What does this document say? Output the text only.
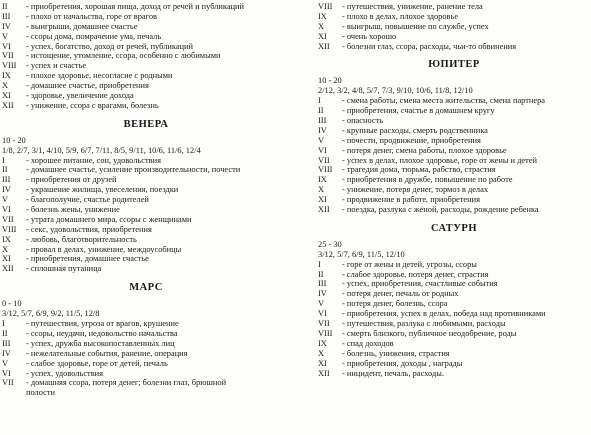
II	- приобретения, хорошая пища, доход от речей и публикаций
III	- плохо от начальства, горе от врагов
IV	- выигрыши, домашнее счастье
V	- ссоры дома, помрачение ума, печаль
VI	- успех, богатство, доход от речей, публикаций
VII	- истощение, утомление, ссора, особенно с любимыми
VIII	- успех и счастье
IX	- плохое здоровье, несогласие с родными
X	- домашнее счастье, приобретения
XI	- здоровье, увеличение дохода
XII	- унижение, ссора с врагами, болезнь
ВЕНЕРА
10 - 20
1/8, 2/7, 3/1, 4/10, 5/9, 6/7, 7/11, 8/5, 9/11, 10/6, 11/6, 12/4
I	- хорошее питание, сон, удовольствия
II	- домашнее счастье, усиление производительности, почести
III	- приобретения от друзей
IV	- украшение жилища, увеселения, поездки
V	- благополучие, счастье родителей
VI	- болезнь жены, унижение
VII	- утрата домашнего мира, ссоры с женщинами
VIII	- секс, удовольствия, приобретения
IX	- любовь, благотворительность
X	- провал в делах, унижение, междоусобицы
XI	- приобретения, домашнее счастье
XII	- сплошная путаница
МАРС
0 - 10
3/12, 5/7, 6/9, 9/2, 11/5, 12/8
I	- путешествия, угроза от врагов, крушение
II	- ссоры, неудачи, недовольство начальства
III	- успех, дружба высокопоставленных лиц
IV	- нежелательные события, ранение, операция
V	- слабое здоровье, горе от детей, печаль
VI	- успех, удовольствия
VII	- домашняя ссора, потеря денег; болезни глаз, брюшной
полости
VIII	- путешествия, унижение, ранение тела
IX	- плохо в делах, плохое здоровье
X	- выигрыш, повышение по службе, успех
XI	- очень хорошо
XII	- болезни глаз, ссора, расходы, чьи-то обвинения
ЮПИТЕР
10 - 20
2/12, 3/2, 4/8, 5/7, 7/3, 9/10, 10/6, 11/8, 12/10
I	- смена работы, смена места жительства, смена партнера
II	- приобретения, счастье в домашнем кругу
III	- опасность
IV	- крупные расходы, смерть родственника
V	- почести, продвижение, приобретения
VI	- потеря денег, смена работы, плохое здоровье
VII	- успех в делах, плохое здоровье, горе от жены и детей
VIII	- трагедия дома, тюрьма, рабство, страстия
IX	- приобретения в дружбе, повышение по работе
X	- унижение, потеря денег, тормоз в делах
XI	- продвижение в работе, приобретения
XII	- поездка, разлука с женой, расходы, рождение ребенка
САТУРН
25 - 30
3/12, 5/7, 6/9, 11/5, 12/10
I	- горе от жены и детей, угрозы, ссоры
II	- слабое здоровье, потеря денег, страстия
III	- успех, приобретения, счастливые события
IV	- потеря денег, печаль от родных
V	- потеря денег, болезнь, ссора
VI	- приобретения, успех в делах, победа над противниками
VII	- путешествия, разлука с любимыми, расходы
VIII	- смерть близкого, публичное неодобрение, роды
IX	- спад доходов
X	- болезнь, унижения, страстия
XI	- приобретения, доходы , награды
XII	- инцидент, печаль, расходы.
